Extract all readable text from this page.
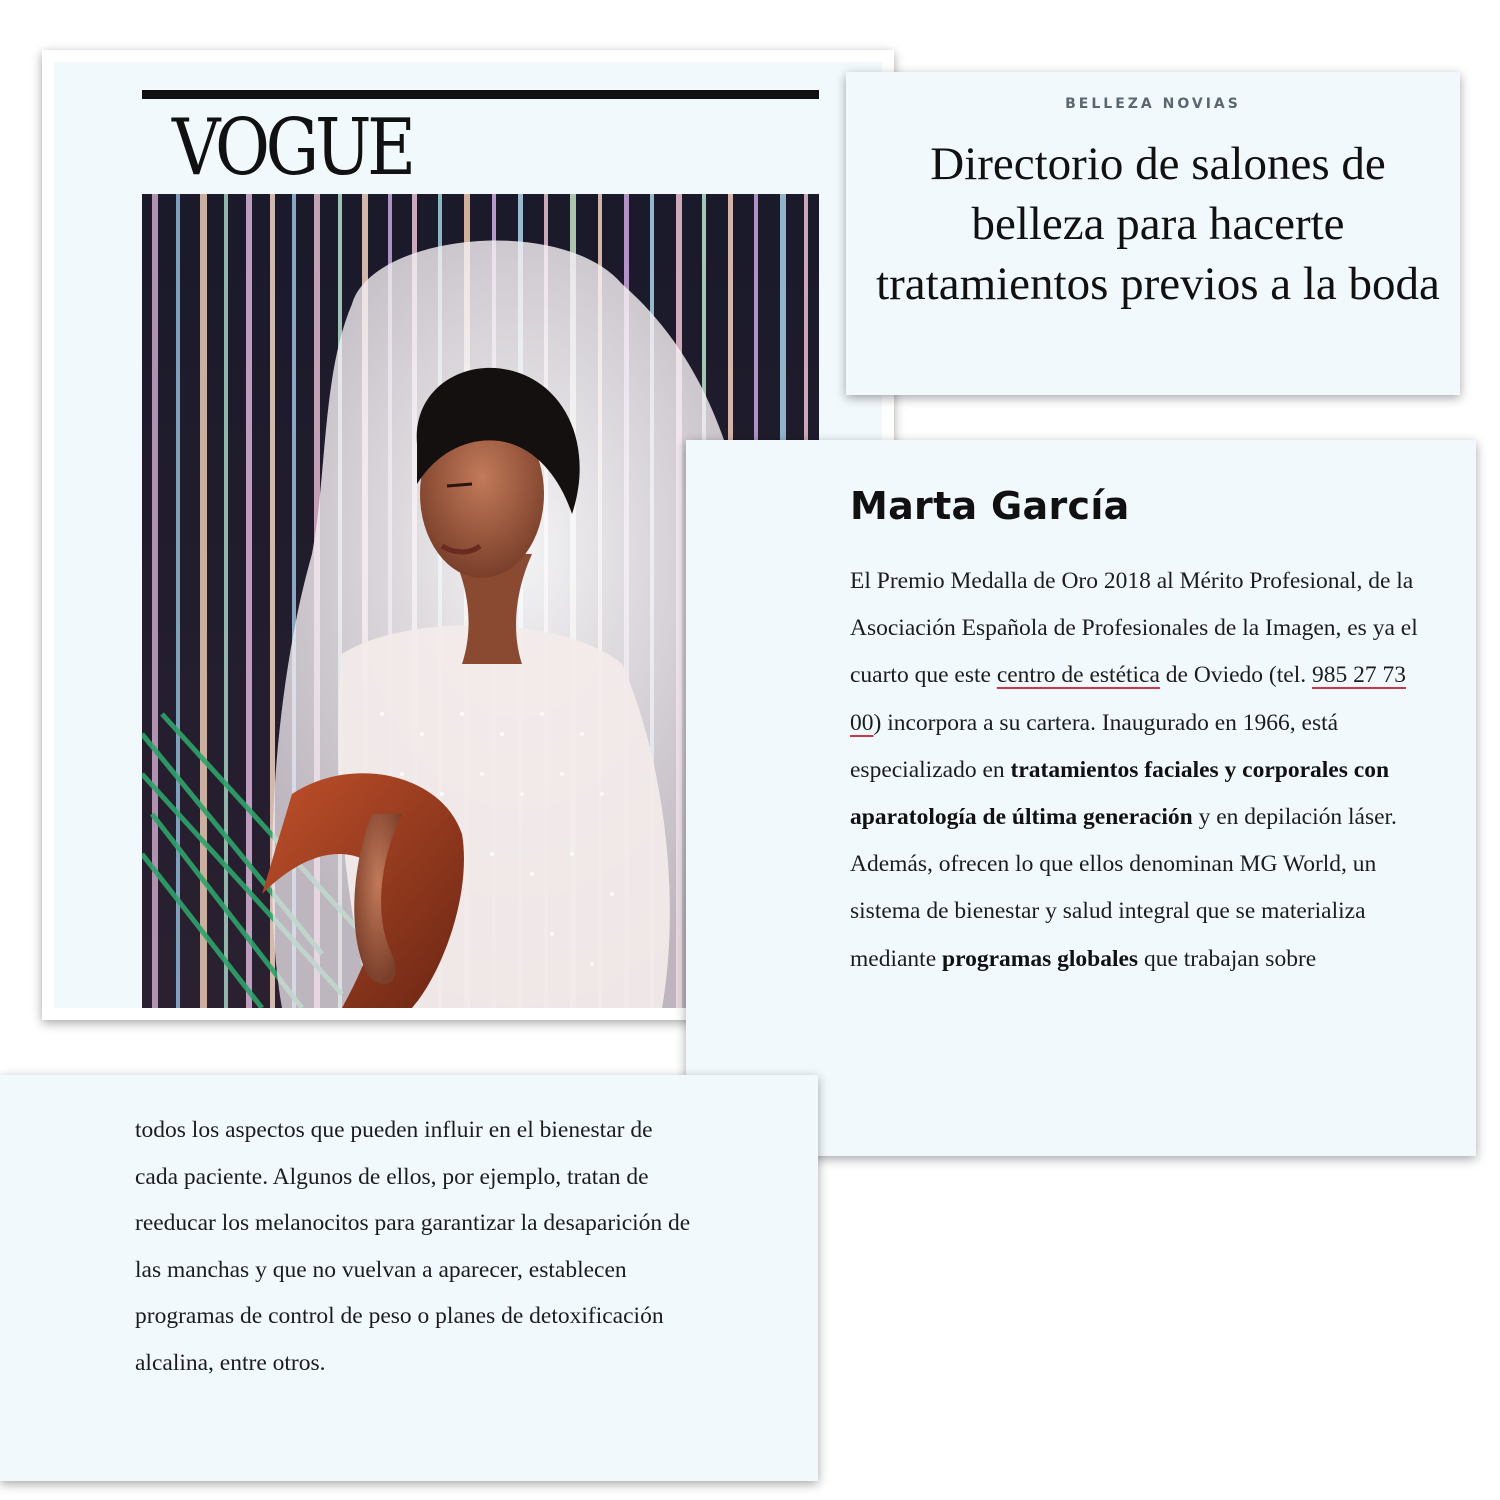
VOGUE	BELLEZA NOVIAS
Directorio de salones de belleza para hacerte tratamientos previos a la boda
Marta García

El Premio Medalla de Oro 2018 al Mérito Profesional, de la Asociación Española de Profesionales de la Imagen, es ya el cuarto que este centro de estética de Oviedo (tel. 985 27 73 00) incorpora a su cartera. Inaugurado en 1966, está especializado en tratamientos faciales y corporales con aparatología de última generación y en depilación láser. Además, ofrecen lo que ellos denominan MG World, un sistema de bienestar y salud integral que se materializa mediante programas globales que trabajan sobre

todos los aspectos que pueden influir en el bienestar de cada paciente. Algunos de ellos, por ejemplo, tratan de reeducar los melanocitos para garantizar la desaparición de las manchas y que no vuelvan a aparecer, establecen programas de control de peso o planes de detoxificación alcalina, entre otros.
